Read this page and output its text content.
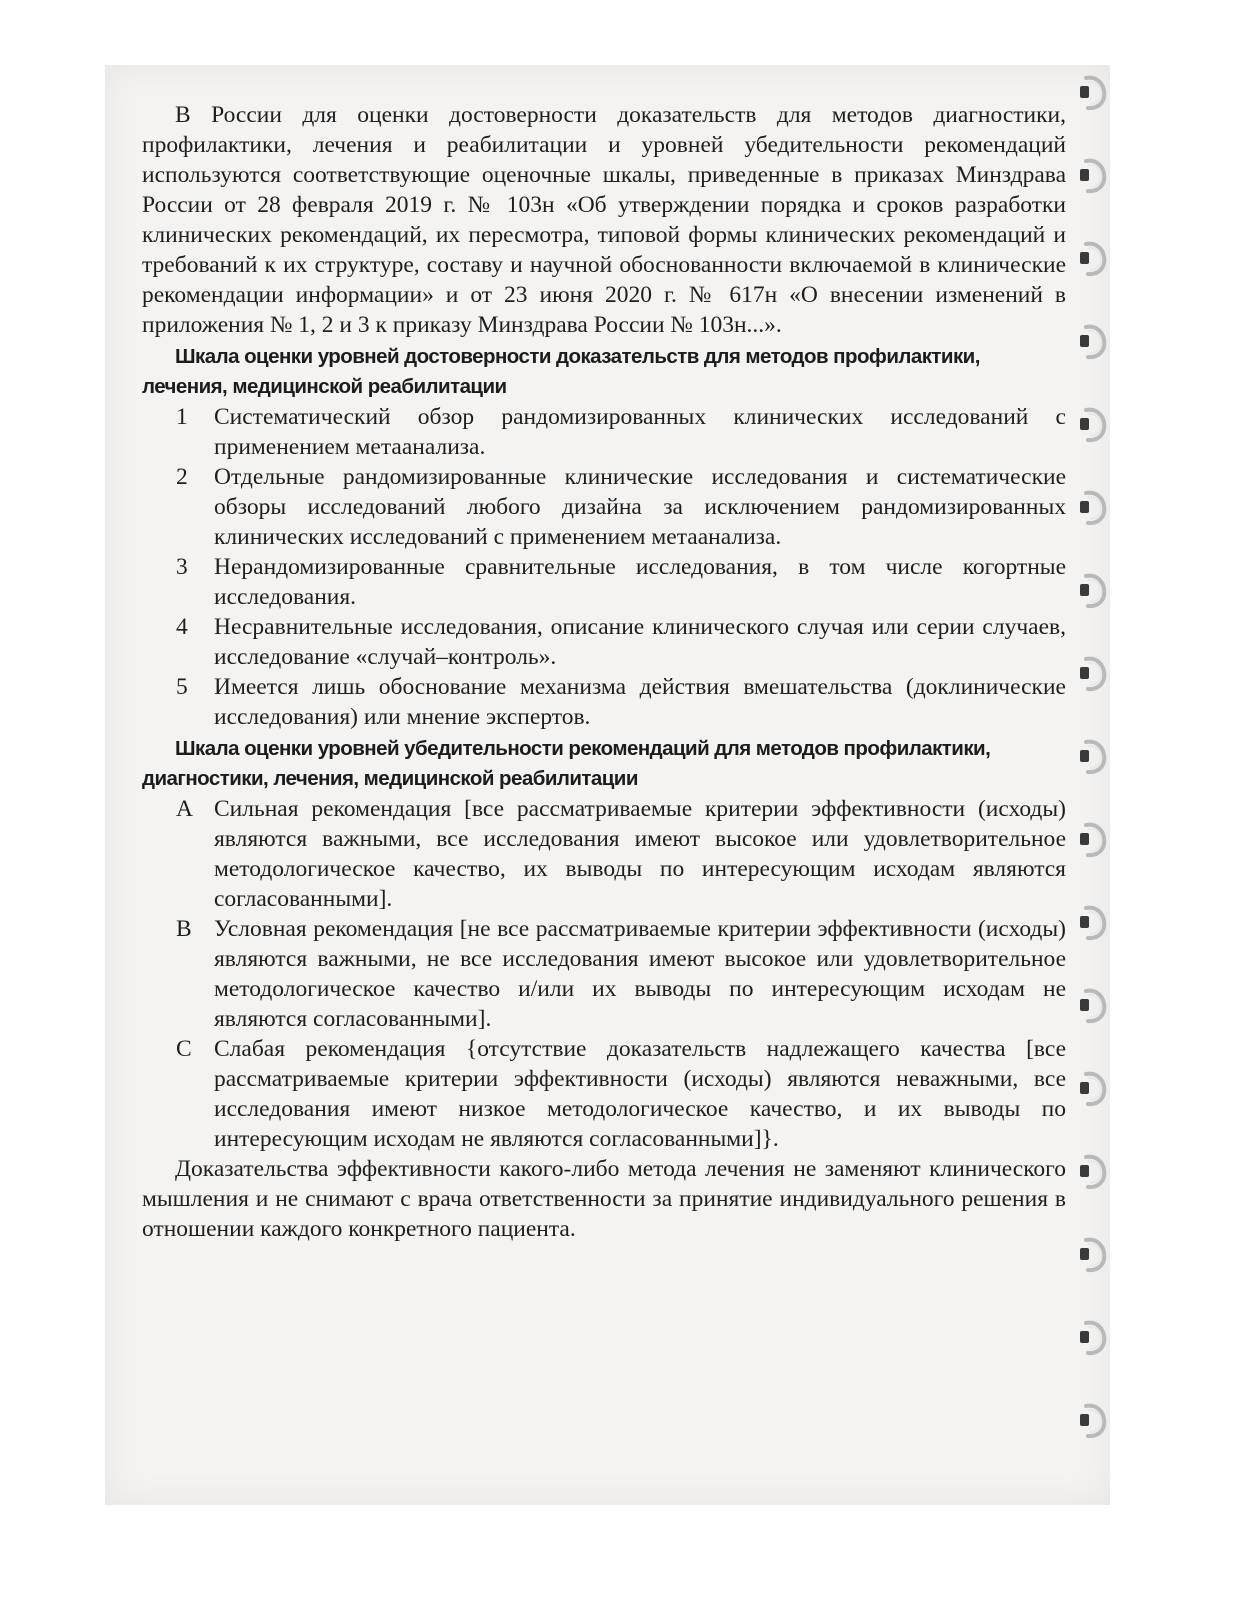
В России для оценки достоверности доказательств для методов диагностики, профилактики, лечения и реабилитации и уровней убедительности рекомендаций используются соответствующие оценочные шкалы, приведенные в приказах Минздрава России от 28 февраля 2019 г. № 103н «Об утверждении порядка и сроков разработки клинических рекомендаций, их пересмотра, типовой формы клинических рекомендаций и требований к их структуре, составу и научной обоснованности включаемой в клинические рекомендации информации» и от 23 июня 2020 г. № 617н «О внесении изменений в приложения № 1, 2 и 3 к приказу Минздрава России № 103н...».

Шкала оценки уровней достоверности доказательств для методов профилактики, лечения, медицинской реабилитации
1	Систематический обзор рандомизированных клинических исследований с применением метаанализа.
2	Отдельные рандомизированные клинические исследования и систематические обзоры исследований любого дизайна за исключением рандомизированных клинических исследований с применением метаанализа.
3	Нерандомизированные сравнительные исследования, в том числе когортные исследования.
4	Несравнительные исследования, описание клинического случая или серии случаев, исследование «случай–контроль».
5	Имеется лишь обоснование механизма действия вмешательства (доклинические исследования) или мнение экспертов.
Шкала оценки уровней убедительности рекомендаций для методов профилактики, диагностики, лечения, медицинской реабилитации
A Сильная рекомендация [все рассматриваемые критерии эффективности (исходы) являются важными, все исследования имеют высокое или удовлетворительное методологическое качество, их выводы по интересующим исходам являются согласованными].
B Условная рекомендация [не все рассматриваемые критерии эффективности (исходы) являются важными, не все исследования имеют высокое или удовлетворительное методологическое качество и/или их выводы по интересующим исходам не являются согласованными].
C Слабая рекомендация {отсутствие доказательств надлежащего качества [все рассматриваемые критерии эффективности (исходы) являются неважными, все исследования имеют низкое методологическое качество, и их выводы по интересующим исходам не являются согласованными]}.

Доказательства эффективности какого-либо метода лечения не заменяют клинического мышления и не снимают с врача ответственности за принятие индивидуального решения в отношении каждого конкретного пациента.
